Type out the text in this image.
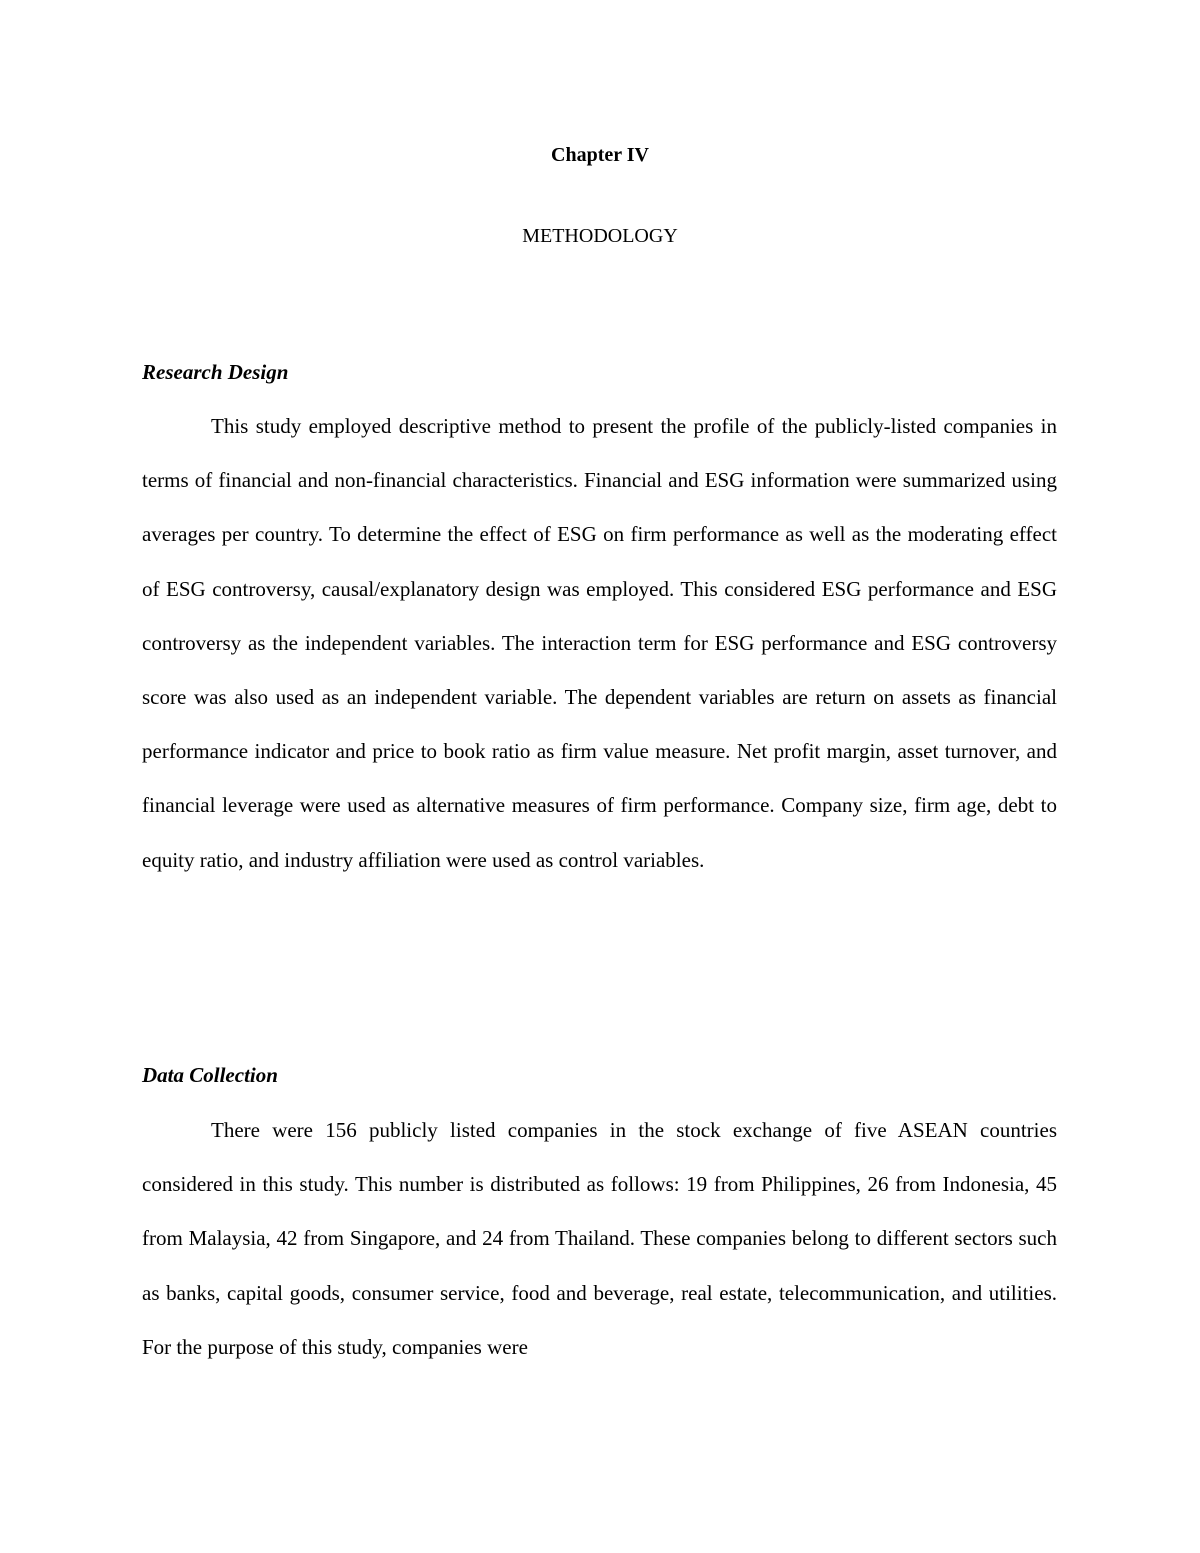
Chapter IV

METHODOLOGY

Research Design

This study employed descriptive method to present the profile of the publicly-listed companies in terms of financial and non-financial characteristics. Financial and ESG information were summarized using averages per country. To determine the effect of ESG on firm performance as well as the moderating effect of ESG controversy, causal/explanatory design was employed. This considered ESG performance and ESG controversy as the independent variables. The interaction term for ESG performance and ESG controversy score was also used as an independent variable. The dependent variables are return on assets as financial performance indicator and price to book ratio as firm value measure. Net profit margin, asset turnover, and financial leverage were used as alternative measures of firm performance. Company size, firm age, debt to equity ratio, and industry affiliation were used as control variables.

Data Collection

There were 156 publicly listed companies in the stock exchange of five ASEAN countries considered in this study. This number is distributed as follows: 19 from Philippines, 26 from Indonesia, 45 from Malaysia, 42 from Singapore, and 24 from Thailand. These companies belong to different sectors such as banks, capital goods, consumer service, food and beverage, real estate, telecommunication, and utilities. For the purpose of this study, companies were
